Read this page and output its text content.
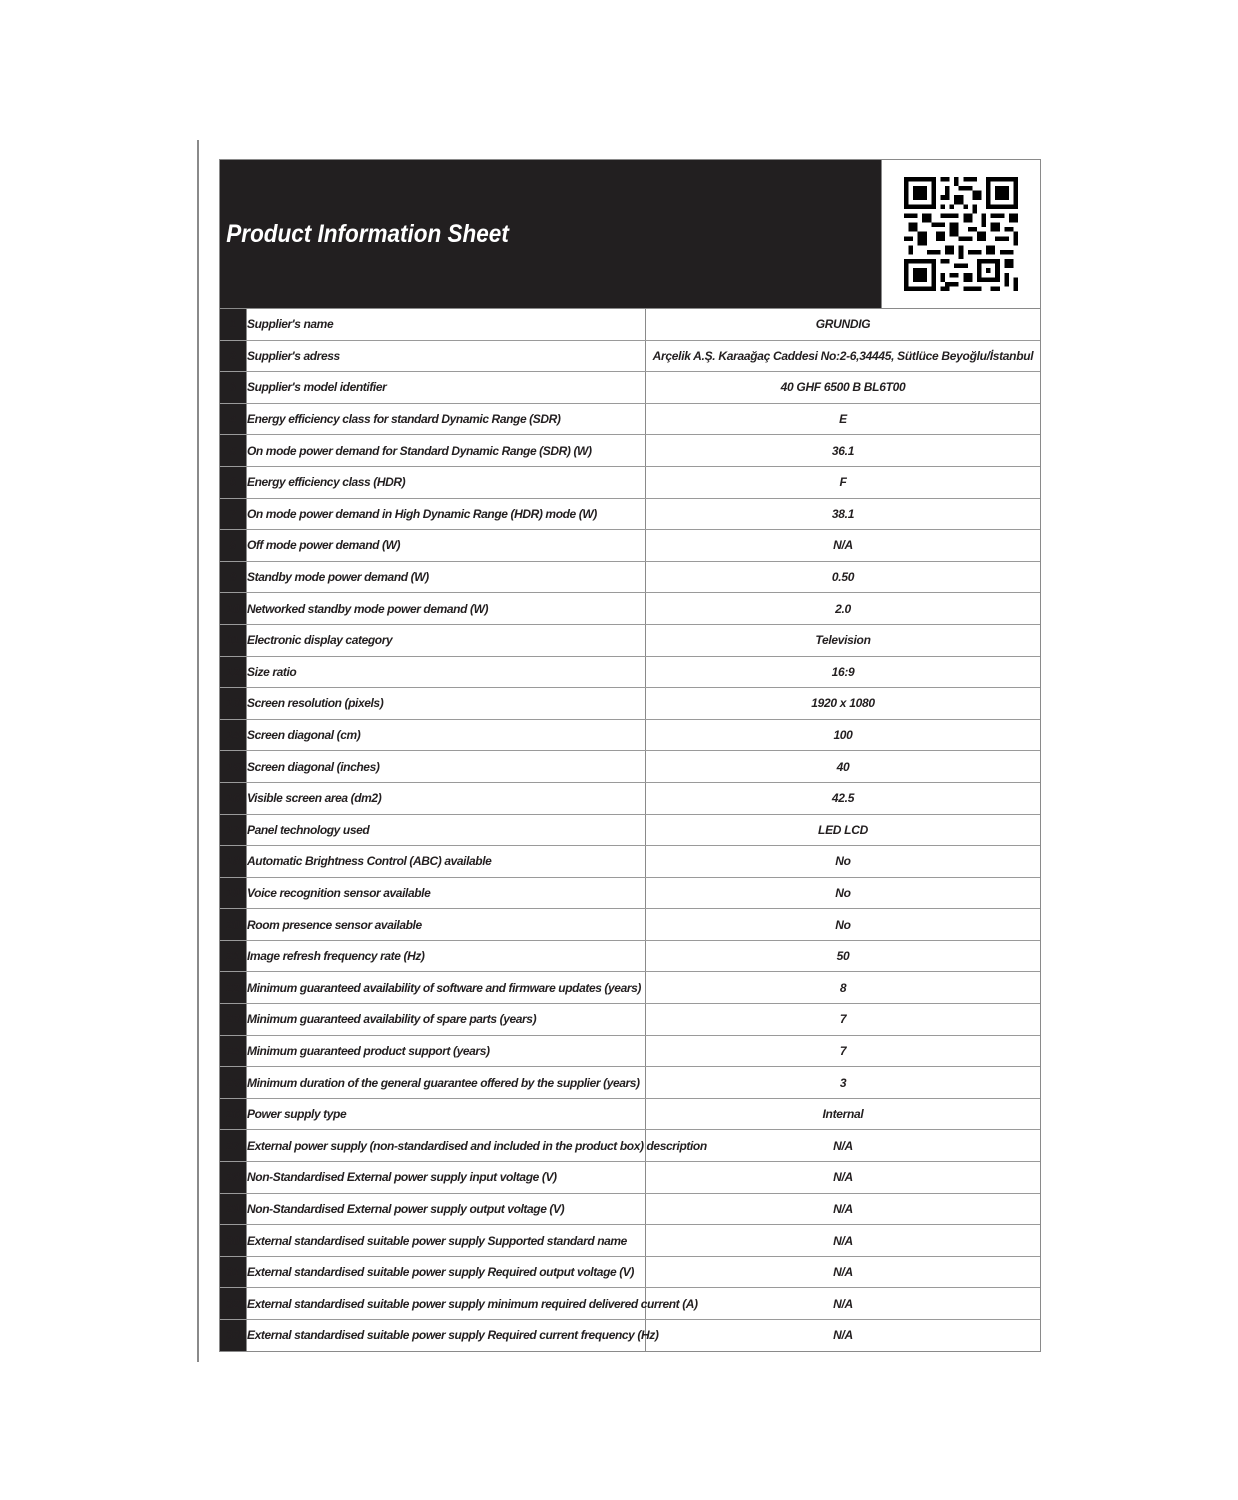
Product Information Sheet
1	Supplier's name	GRUNDIG
2	Supplier's adress	Arçelik A.Ş. Karaağaç Caddesi No:2-6,34445, Sütlüce Beyoğlu/İstanbul
3	Supplier's model identifier	40 GHF 6500 B BL6T00
4	Energy efficiency class for standard Dynamic Range (SDR)	E
5	On mode power demand for Standard Dynamic Range (SDR) (W)	36.1
6	Energy efficiency class (HDR)	F
7	On mode power demand in High Dynamic Range (HDR) mode (W)	38.1
8	Off mode power demand (W)	N/A
9	Standby mode power demand (W)	0.50
10	Networked standby mode power demand (W)	2.0
11	Electronic display category	Television
12	Size ratio	16:9
13	Screen resolution (pixels)	1920 x 1080
14	Screen diagonal (cm)	100
15	Screen diagonal (inches)	40
16	Visible screen area (dm2)	42.5
17	Panel technology used	LED LCD
18	Automatic Brightness Control (ABC) available	No
19	Voice recognition sensor available	No
20	Room presence sensor available	No
21	Image refresh frequency rate (Hz)	50
22	Minimum guaranteed availability of software and firmware updates (years)	8
23	Minimum guaranteed availability of spare parts (years)	7
24	Minimum guaranteed product support (years)	7
25	Minimum duration of the general guarantee offered by the supplier (years)	3
26	Power supply type	Internal
27	External power supply (non-standardised and included in the product box) description	N/A
28	Non-Standardised External power supply input voltage (V)	N/A
29	Non-Standardised External power supply output voltage (V)	N/A
30	External standardised suitable power supply Supported standard name	N/A
31	External standardised suitable power supply Required output voltage (V)	N/A
32	External standardised suitable power supply minimum required delivered current (A)	N/A
33	External standardised suitable power supply Required current frequency (Hz)	N/A
